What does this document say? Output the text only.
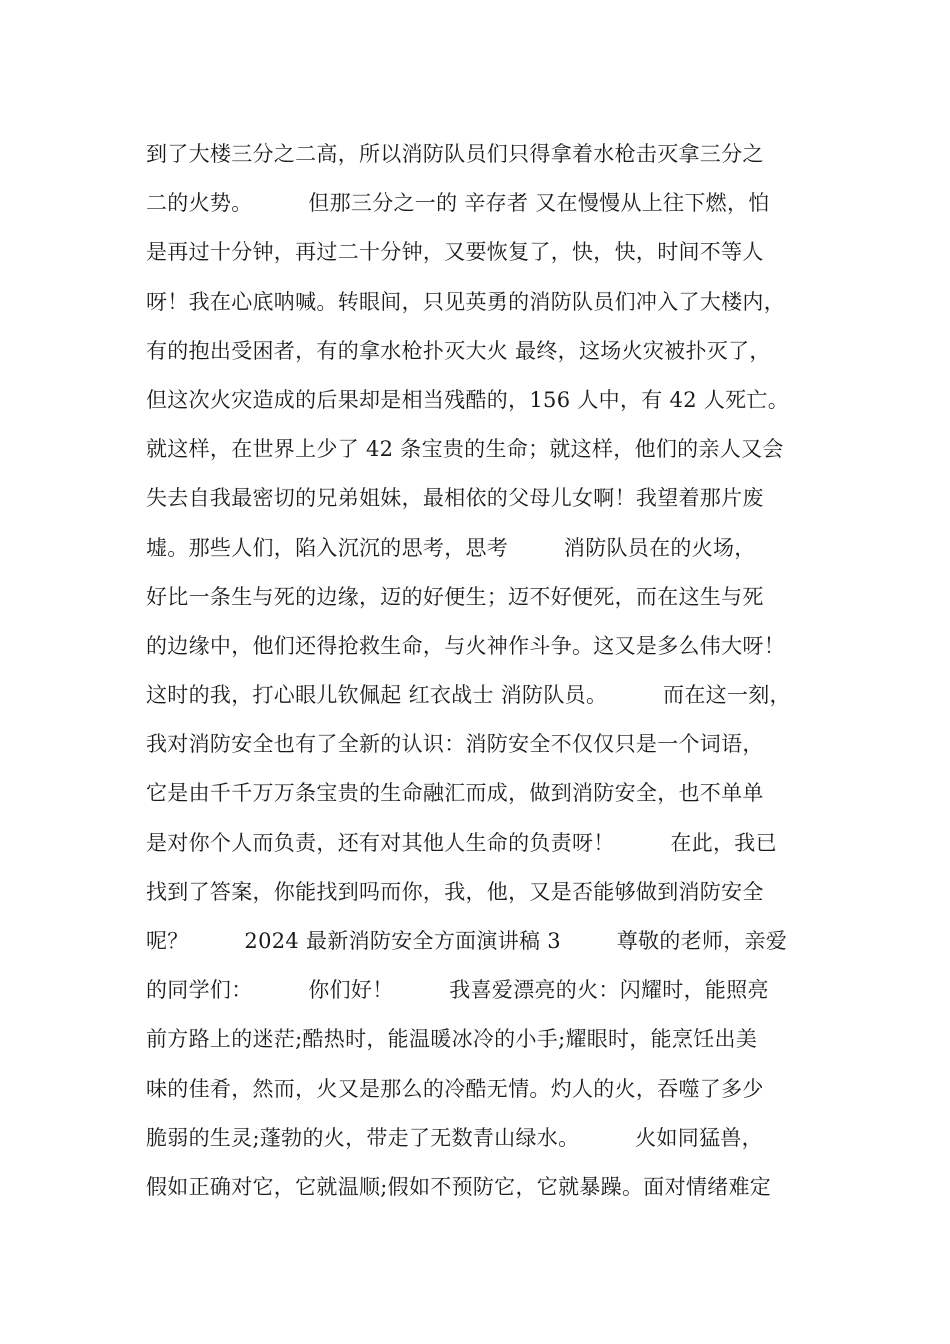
到了大楼三分之二高，所以消防队员们只得拿着水枪击灭拿三分之
二的火势。        但那三分之一的 辛存者 又在慢慢从上往下燃，怕
是再过十分钟，再过二十分钟，又要恢复了，快，快，时间不等人
呀！我在心底呐喊。转眼间，只见英勇的消防队员们冲入了大楼内，
有的抱出受困者，有的拿水枪扑灭大火 最终，这场火灾被扑灭了，
但这次火灾造成的后果却是相当残酷的，156 人中，有 42 人死亡。
就这样，在世界上少了 42 条宝贵的生命；就这样，他们的亲人又会
失去自我最密切的兄弟姐妹，最相依的父母儿女啊！我望着那片废
墟。那些人们，陷入沉沉的思考，思考        消防队员在的火场，
好比一条生与死的边缘，迈的好便生；迈不好便死，而在这生与死
的边缘中，他们还得抢救生命，与火神作斗争。这又是多么伟大呀！
这时的我，打心眼儿钦佩起 红衣战士 消防队员。        而在这一刻，
我对消防安全也有了全新的认识：消防安全不仅仅只是一个词语，
它是由千千万万条宝贵的生命融汇而成，做到消防安全，也不单单
是对你个人而负责，还有对其他人生命的负责呀！        在此，我已
找到了答案，你能找到吗而你，我，他，又是否能够做到消防安全
呢？        2024 最新消防安全方面演讲稿 3        尊敬的老师，亲爱
的同学们：        你们好！        我喜爱漂亮的火：闪耀时，能照亮
前方路上的迷茫;酷热时，能温暖冰冷的小手;耀眼时，能烹饪出美
味的佳肴，然而，火又是那么的冷酷无情。灼人的火，吞噬了多少
脆弱的生灵;蓬勃的火，带走了无数青山绿水。        火如同猛兽，
假如正确对它，它就温顺;假如不预防它，它就暴躁。面对情绪难定
